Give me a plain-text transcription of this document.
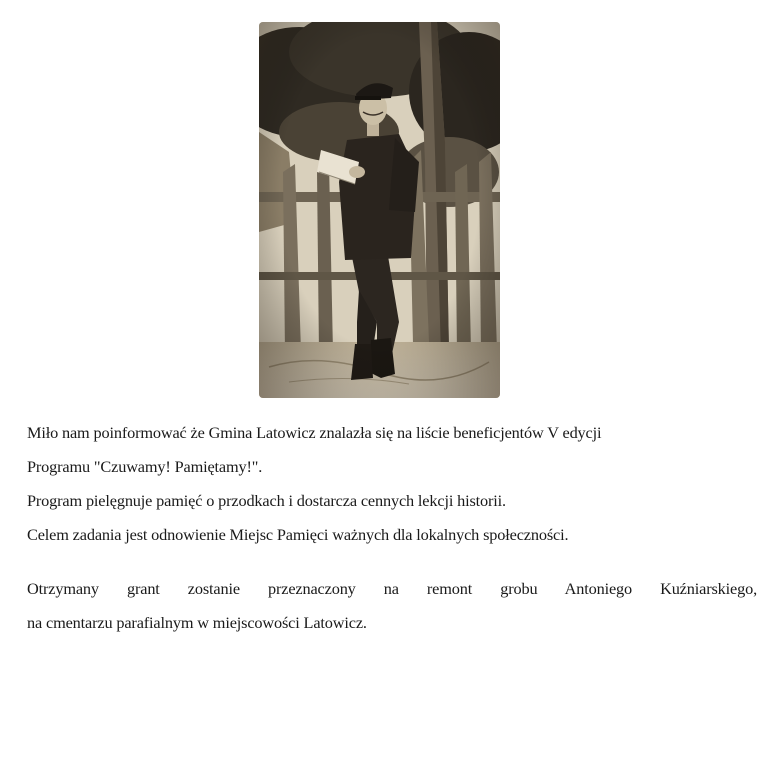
Miło nam poinformować że Gmina Latowicz znalazła się na liście beneficjentów V edycji
Programu "Czuwamy! Pamiętamy!".
Program pielęgnuje pamięć o przodkach i dostarcza cennych lekcji historii.
Celem zadania jest odnowienie Miejsc Pamięci ważnych dla lokalnych społeczności.
Otrzymany grant zostanie przeznaczony na remont grobu Antoniego Kuźniarskiego,
na cmentarzu parafialnym w miejscowości Latowicz.
